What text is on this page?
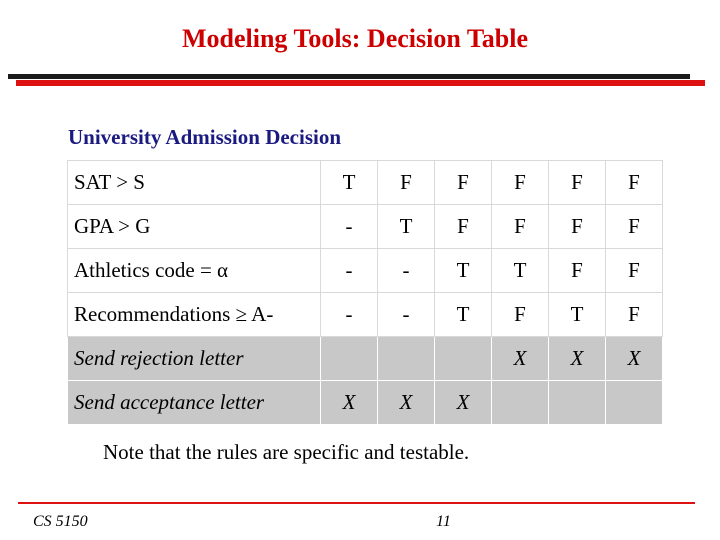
Modeling Tools: Decision Table
University Admission Decision
SAT > S	T	F	F	F	F	F
GPA > G	-	T	F	F	F	F
Athletics code = α	-	-	T	T	F	F
Recommendations ≥ A-	-	-	T	F	T	F
Send rejection letter				X	X	X
Send acceptance letter	X	X	X			
Note that the rules are specific and testable.
CS 5150	11
